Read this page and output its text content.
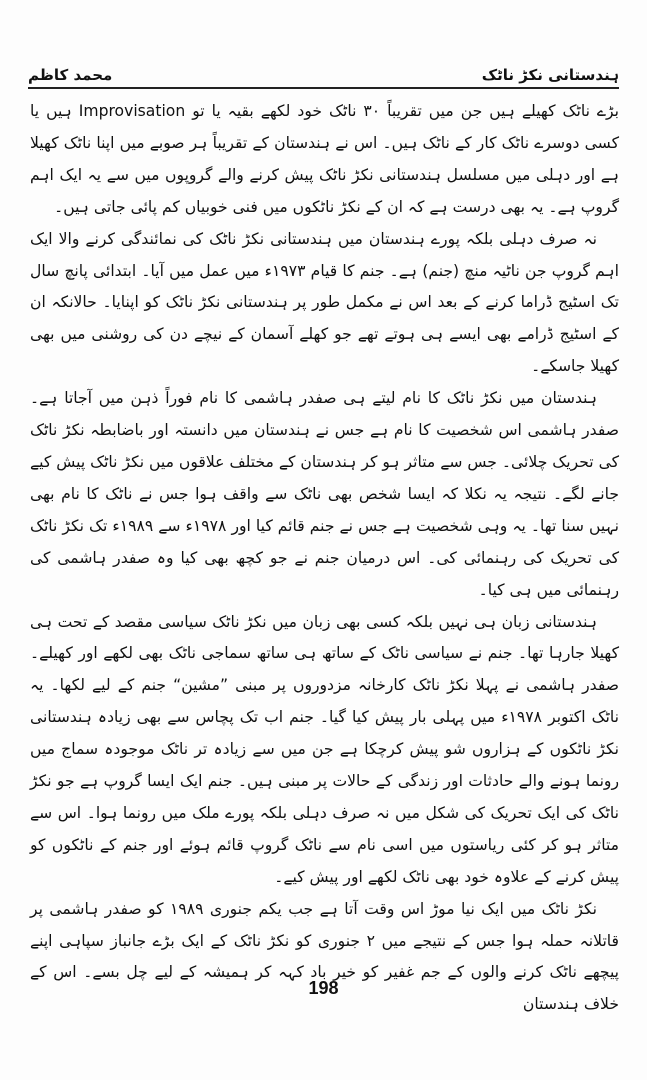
ہندستانی نکڑ ناٹک
محمد کاظم

بڑے ناٹک کھیلے ہیں جن میں تقریباً ۳۰ ناٹک خود لکھے بقیہ یا تو Improvisation ہیں یا کسی دوسرے ناٹک کار کے ناٹک ہیں۔ اس نے ہندستان کے تقریباً ہر صوبے میں اپنا ناٹک کھیلا ہے اور دہلی میں مسلسل ہندستانی نکڑ ناٹک پیش کرنے والے گروپوں میں سے یہ ایک اہم گروپ ہے۔ یہ بھی درست ہے کہ ان کے نکڑ ناٹکوں میں فنی خوبیاں کم پائی جاتی ہیں۔

نہ صرف دہلی بلکہ پورے ہندستان میں ہندستانی نکڑ ناٹک کی نمائندگی کرنے والا ایک اہم گروپ جن ناٹیہ منچ (جنم) ہے۔ جنم کا قیام ۱۹۷۳ء میں عمل میں آیا۔ ابتدائی پانچ سال تک اسٹیج ڈراما کرنے کے بعد اس نے مکمل طور پر ہندستانی نکڑ ناٹک کو اپنایا۔ حالانکہ ان کے اسٹیج ڈرامے بھی ایسے ہی ہوتے تھے جو کھلے آسمان کے نیچے دن کی روشنی میں بھی کھیلا جاسکے۔

ہندستان میں نکڑ ناٹک کا نام لیتے ہی صفدر ہاشمی کا نام فوراً ذہن میں آجاتا ہے۔ صفدر ہاشمی اس شخصیت کا نام ہے جس نے ہندستان میں دانستہ اور باضابطہ نکڑ ناٹک کی تحریک چلائی۔ جس سے متاثر ہو کر ہندستان کے مختلف علاقوں میں نکڑ ناٹک پیش کیے جانے لگے۔ نتیجہ یہ نکلا کہ ایسا شخص بھی ناٹک سے واقف ہوا جس نے ناٹک کا نام بھی نہیں سنا تھا۔ یہ وہی شخصیت ہے جس نے جنم قائم کیا اور ۱۹۷۸ء سے ۱۹۸۹ء تک نکڑ ناٹک کی تحریک کی رہنمائی کی۔ اس درمیان جنم نے جو کچھ بھی کیا وہ صفدر ہاشمی کی رہنمائی میں ہی کیا۔

ہندستانی زبان ہی نہیں بلکہ کسی بھی زبان میں نکڑ ناٹک سیاسی مقصد کے تحت ہی کھیلا جارہا تھا۔ جنم نے سیاسی ناٹک کے ساتھ ہی ساتھ سماجی ناٹک بھی لکھے اور کھیلے۔ صفدر ہاشمی نے پہلا نکڑ ناٹک کارخانہ مزدوروں پر مبنی ”مشین“ جنم کے لیے لکھا۔ یہ ناٹک اکتوبر ۱۹۷۸ء میں پہلی بار پیش کیا گیا۔ جنم اب تک پچاس سے بھی زیادہ ہندستانی نکڑ ناٹکوں کے ہزاروں شو پیش کرچکا ہے جن میں سے زیادہ تر ناٹک موجودہ سماج میں رونما ہونے والے حادثات اور زندگی کے حالات پر مبنی ہیں۔ جنم ایک ایسا گروپ ہے جو نکڑ ناٹک کی ایک تحریک کی شکل میں نہ صرف دہلی بلکہ پورے ملک میں رونما ہوا۔ اس سے متاثر ہو کر کئی ریاستوں میں اسی نام سے ناٹک گروپ قائم ہوئے اور جنم کے ناٹکوں کو پیش کرنے کے علاوہ خود بھی ناٹک لکھے اور پیش کیے۔

نکڑ ناٹک میں ایک نیا موڑ اس وقت آتا ہے جب یکم جنوری ۱۹۸۹ کو صفدر ہاشمی پر قاتلانہ حملہ ہوا جس کے نتیجے میں ۲ جنوری کو نکڑ ناٹک کے ایک بڑے جانباز سپاہی اپنے پیچھے ناٹک کرنے والوں کے جم غفیر کو خیر باد کہہ کر ہمیشہ کے لیے چل بسے۔ اس کے خلاف ہندستان

198
